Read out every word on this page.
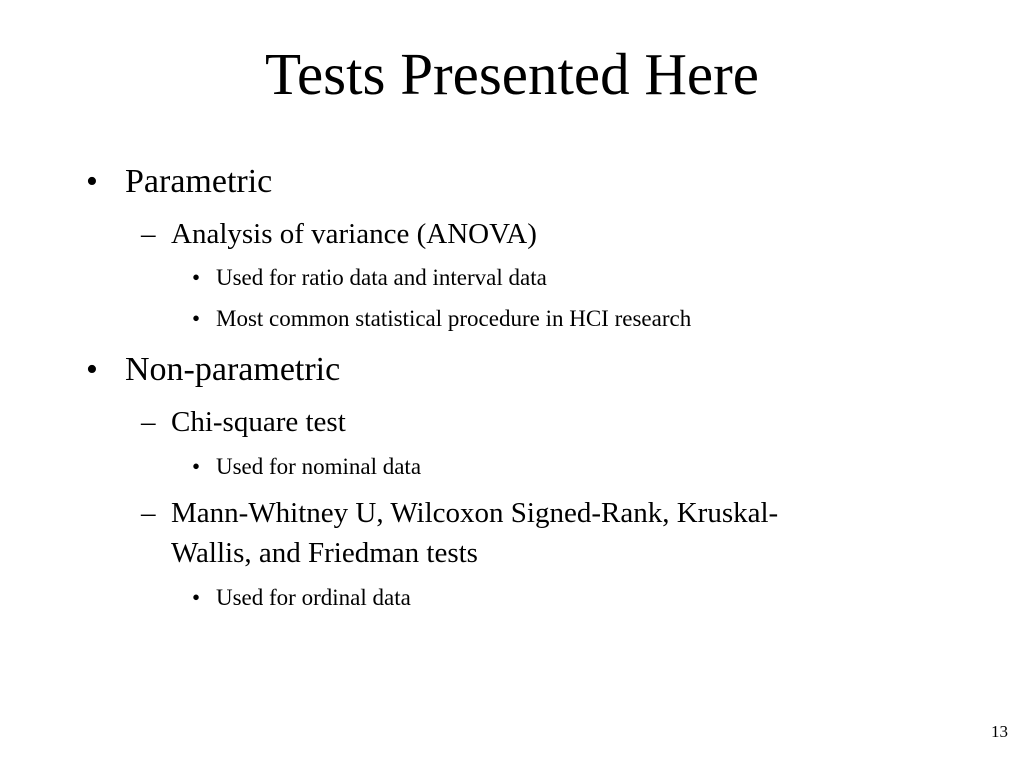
Tests Presented Here
• Parametric
– Analysis of variance (ANOVA)
• Used for ratio data and interval data
• Most common statistical procedure in HCI research
• Non-parametric
– Chi-square test
• Used for nominal data
– Mann-Whitney U, Wilcoxon Signed-Rank, Kruskal-
Wallis, and Friedman tests
• Used for ordinal data
13
